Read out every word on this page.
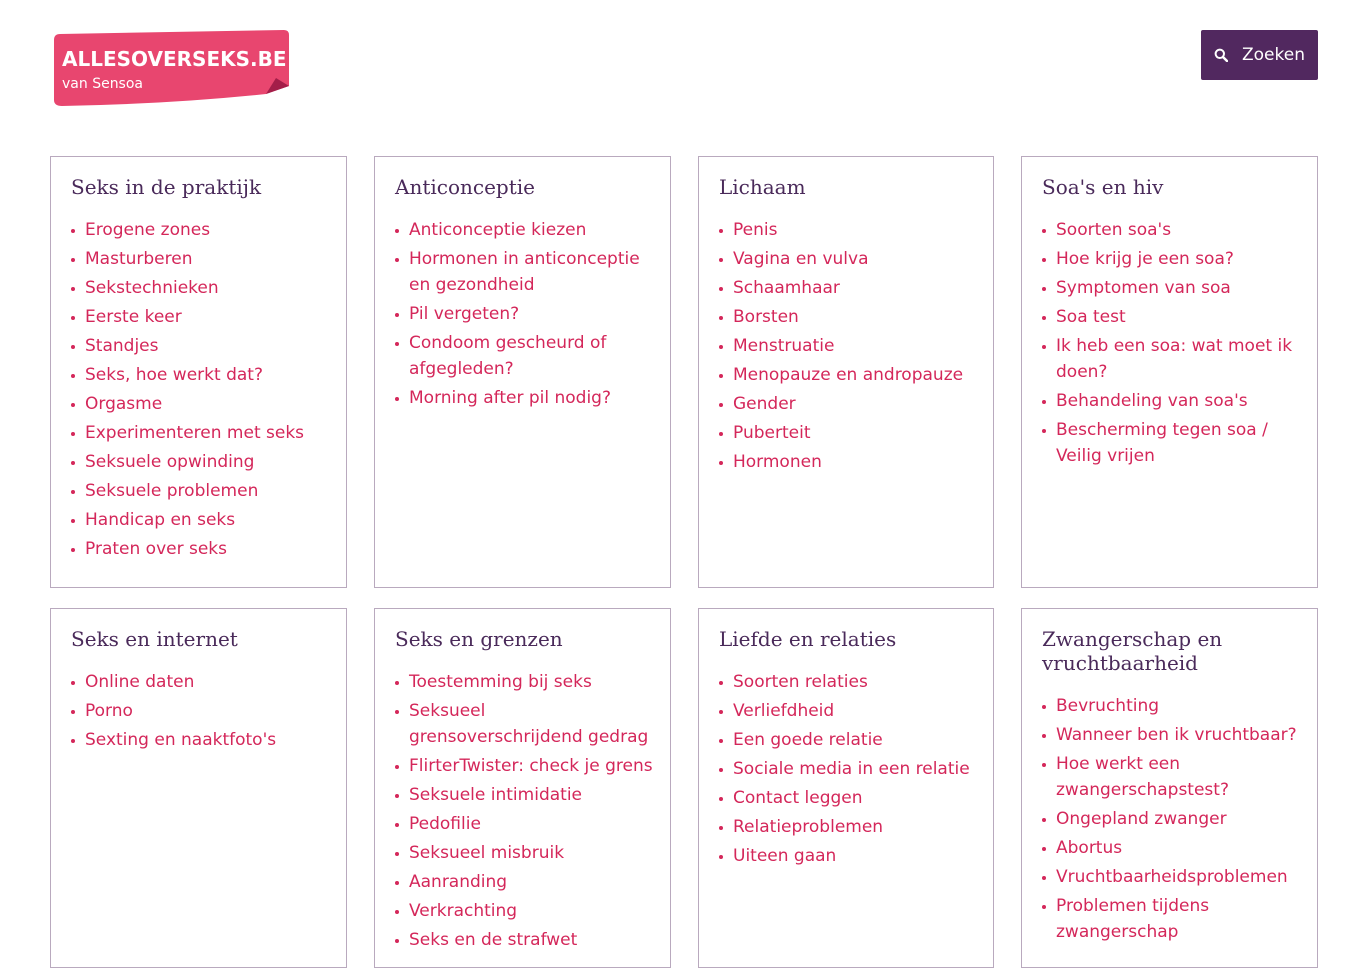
ALLESOVERSEKS.BE
van Sensoa
Zoeken
Seks in de praktijk
Erogene zones
Masturberen
Sekstechnieken
Eerste keer
Standjes
Seks, hoe werkt dat?
Orgasme
Experimenteren met seks
Seksuele opwinding
Seksuele problemen
Handicap en seks
Praten over seks
Anticonceptie
Anticonceptie kiezen
Hormonen in anticonceptie en gezondheid
Pil vergeten?
Condoom gescheurd of afgegleden?
Morning after pil nodig?
Lichaam
Penis
Vagina en vulva
Schaamhaar
Borsten
Menstruatie
Menopauze en andropauze
Gender
Puberteit
Hormonen
Soa's en hiv
Soorten soa's
Hoe krijg je een soa?
Symptomen van soa
Soa test
Ik heb een soa: wat moet ik doen?
Behandeling van soa's
Bescherming tegen soa / Veilig vrijen
Seks en internet
Online daten
Porno
Sexting en naaktfoto's
Seks en grenzen
Toestemming bij seks
Seksueel grensoverschrijdend gedrag
FlirterTwister: check je grens
Seksuele intimidatie
Pedofilie
Seksueel misbruik
Aanranding
Verkrachting
Seks en de strafwet
Liefde en relaties
Soorten relaties
Verliefdheid
Een goede relatie
Sociale media in een relatie
Contact leggen
Relatieproblemen
Uiteen gaan
Zwangerschap en vruchtbaarheid
Bevruchting
Wanneer ben ik vruchtbaar?
Hoe werkt een zwangerschapstest?
Ongepland zwanger
Abortus
Vruchtbaarheidsproblemen
Problemen tijdens zwangerschap
